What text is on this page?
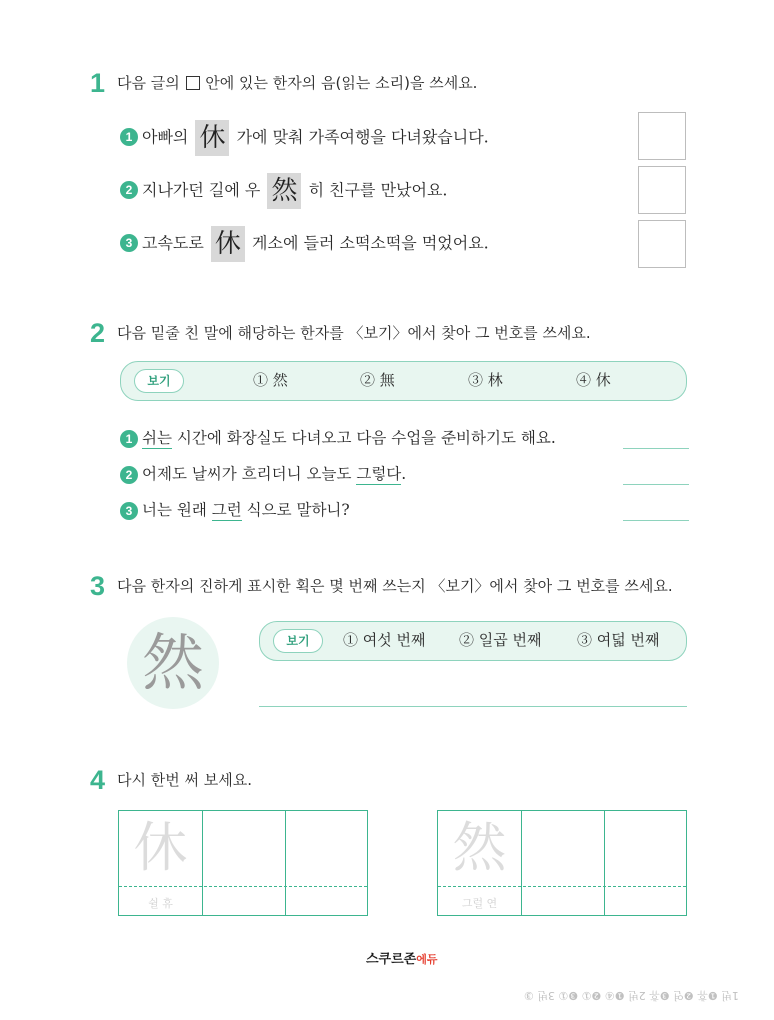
1 다음 글의 안에 있는 한자의 음(읽는 소리)을 쓰세요.
1 아빠의 休 가에 맞춰 가족여행을 다녀왔습니다.
2 지나가던 길에 우 然 히 친구를 만났어요.
3 고속도로 休 게소에 들러 소떡소떡을 먹었어요.
2 다음 밑줄 친 말에 해당하는 한자를 〈보기〉에서 찾아 그 번호를 쓰세요.
보기	① 然	② 無	③ 林	④ 休
1 쉬는 시간에 화장실도 다녀오고 다음 수업을 준비하기도 해요.
2 어제도 날씨가 흐리더니 오늘도 그렇다.
3 너는 원래 그런 식으로 말하니?
3 다음 한자의 진하게 표시한 획은 몇 번째 쓰는지 〈보기〉에서 찾아 그 번호를 쓰세요.
然	보기	① 여섯 번째 ② 일곱 번째 ③ 여덟 번째
4 다시 한번 써 보세요.
休
쉴 휴
然
그럴 연
스쿠르존에듀
1번 ❶휴 ❷연 ❸휴 2번 ❶④ ❷① ❸① 3번 ③
